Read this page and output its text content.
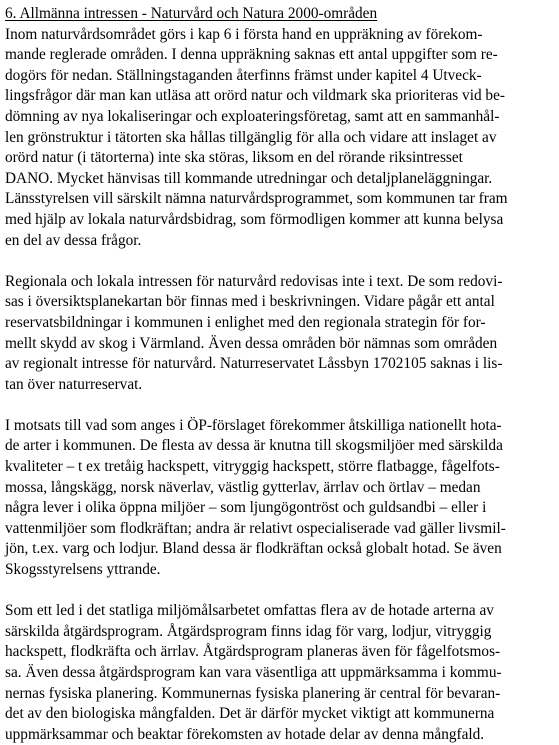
6. Allmänna intressen - Naturvård och Natura 2000-områden
Inom naturvårdsområdet görs i kap 6 i första hand en uppräkning av förekom-
mande reglerade områden. I denna uppräkning saknas ett antal uppgifter som re-
dogörs för nedan. Ställningstaganden återfinns främst under kapitel 4 Utveck-
lingsfrågor där man kan utläsa att orörd natur och vildmark ska prioriteras vid be-
dömning av nya lokaliseringar och exploateringsföretag, samt att en sammanhål-
len grönstruktur i tätorten ska hållas tillgänglig för alla och vidare att inslaget av
orörd natur (i tätorterna) inte ska störas, liksom en del rörande riksintresset
DANO. Mycket hänvisas till kommande utredningar och detaljplaneläggningar.
Länsstyrelsen vill särskilt nämna naturvårdsprogrammet, som kommunen tar fram
med hjälp av lokala naturvårdsbidrag, som förmodligen kommer att kunna belysa
en del av dessa frågor.
Regionala och lokala intressen för naturvård redovisas inte i text. De som redovi-
sas i översiktsplanekartan bör finnas med i beskrivningen. Vidare pågår ett antal
reservatsbildningar i kommunen i enlighet med den regionala strategin för for-
mellt skydd av skog i Värmland. Även dessa områden bör nämnas som områden
av regionalt intresse för naturvård. Naturreservatet Låssbyn 1702105 saknas i lis-
tan över naturreservat.
I motsats till vad som anges i ÖP-förslaget förekommer åtskilliga nationellt hota-
de arter i kommunen. De flesta av dessa är knutna till skogsmiljöer med särskilda
kvaliteter – t ex tretåig hackspett, vitryggig hackspett, större flatbagge, fågelfots-
mossa, långskägg, norsk näverlav, västlig gytterlav, ärrlav och örtlav – medan
några lever i olika öppna miljöer – som ljungögontröst och guldsandbi – eller i
vattenmiljöer som flodkräftan; andra är relativt ospecialiserade vad gäller livsmil-
jön, t.ex. varg och lodjur. Bland dessa är flodkräftan också globalt hotad. Se även
Skogsstyrelsens yttrande.
Som ett led i det statliga miljömålsarbetet omfattas flera av de hotade arterna av
särskilda åtgärdsprogram. Åtgärdsprogram finns idag för varg, lodjur, vitryggig
hackspett, flodkräfta och ärrlav. Åtgärdsprogram planeras även för fågelfotsmos-
sa. Även dessa åtgärdsprogram kan vara väsentliga att uppmärksamma i kommu-
nernas fysiska planering. Kommunernas fysiska planering är central för bevaran-
det av den biologiska mångfalden. Det är därför mycket viktigt att kommunerna
uppmärksammar och beaktar förekomsten av hotade delar av denna mångfald.
